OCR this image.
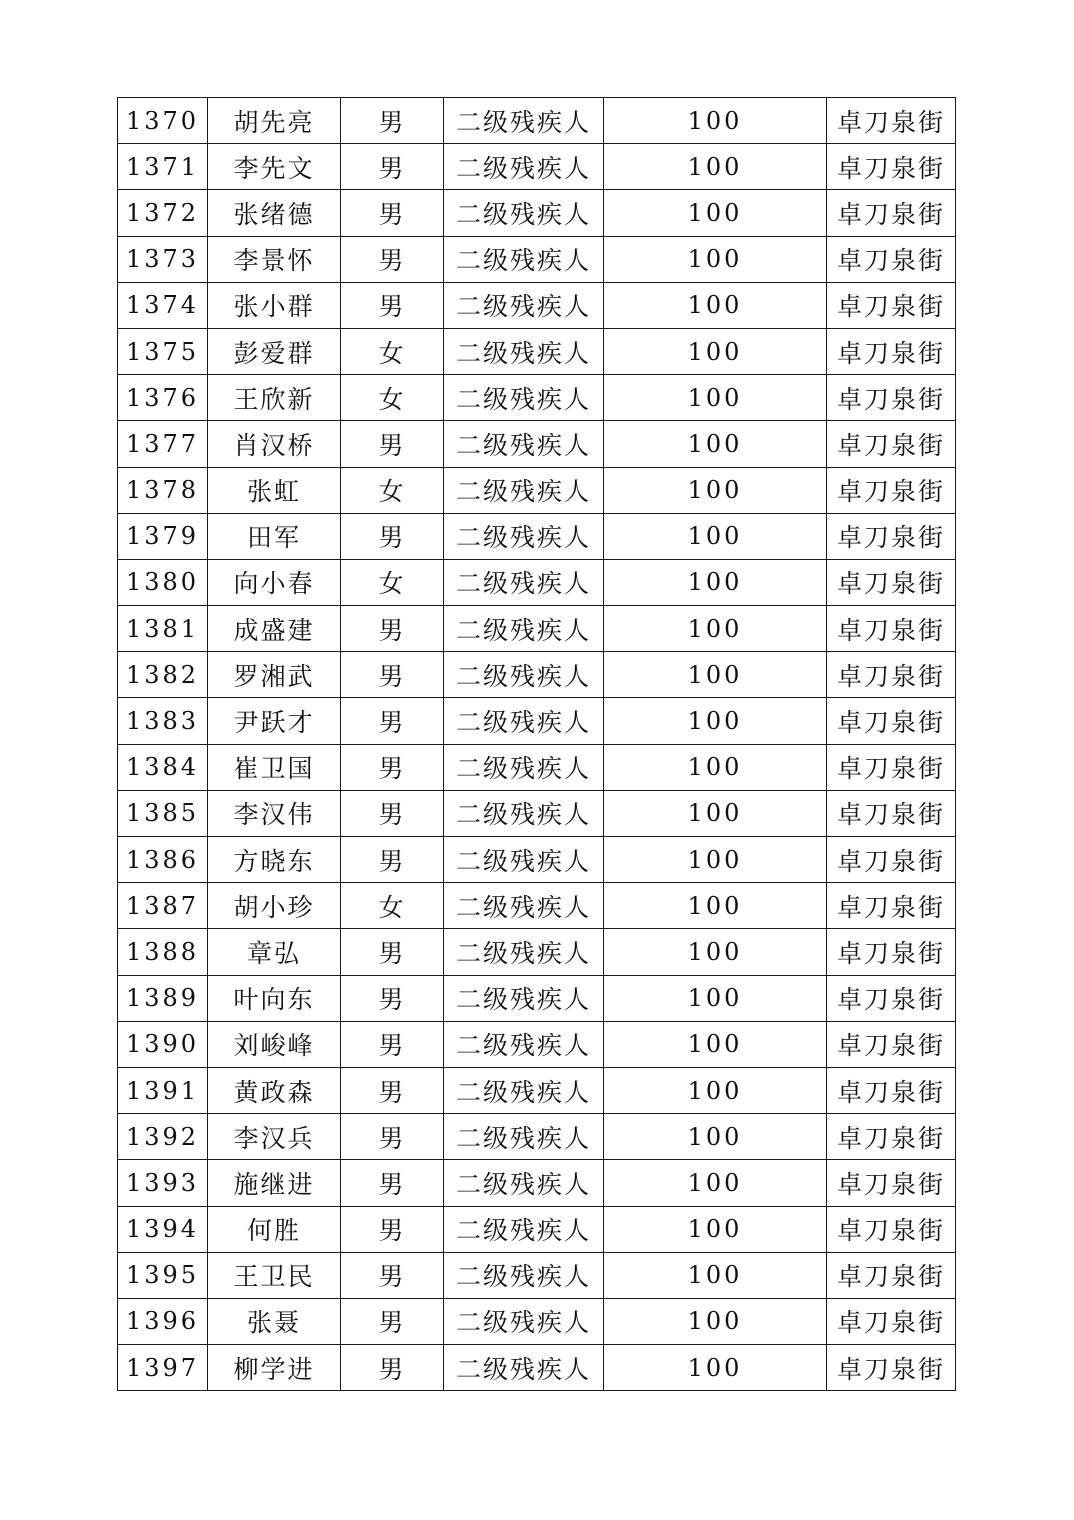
1370	胡先亮	男	二级残疾人	100	卓刀泉街
1371	李先文	男	二级残疾人	100	卓刀泉街
1372	张绪德	男	二级残疾人	100	卓刀泉街
1373	李景怀	男	二级残疾人	100	卓刀泉街
1374	张小群	男	二级残疾人	100	卓刀泉街
1375	彭爱群	女	二级残疾人	100	卓刀泉街
1376	王欣新	女	二级残疾人	100	卓刀泉街
1377	肖汉桥	男	二级残疾人	100	卓刀泉街
1378	张虹	女	二级残疾人	100	卓刀泉街
1379	田军	男	二级残疾人	100	卓刀泉街
1380	向小春	女	二级残疾人	100	卓刀泉街
1381	成盛建	男	二级残疾人	100	卓刀泉街
1382	罗湘武	男	二级残疾人	100	卓刀泉街
1383	尹跃才	男	二级残疾人	100	卓刀泉街
1384	崔卫国	男	二级残疾人	100	卓刀泉街
1385	李汉伟	男	二级残疾人	100	卓刀泉街
1386	方晓东	男	二级残疾人	100	卓刀泉街
1387	胡小珍	女	二级残疾人	100	卓刀泉街
1388	章弘	男	二级残疾人	100	卓刀泉街
1389	叶向东	男	二级残疾人	100	卓刀泉街
1390	刘峻峰	男	二级残疾人	100	卓刀泉街
1391	黄政森	男	二级残疾人	100	卓刀泉街
1392	李汉兵	男	二级残疾人	100	卓刀泉街
1393	施继进	男	二级残疾人	100	卓刀泉街
1394	何胜	男	二级残疾人	100	卓刀泉街
1395	王卫民	男	二级残疾人	100	卓刀泉街
1396	张聂	男	二级残疾人	100	卓刀泉街
1397	柳学进	男	二级残疾人	100	卓刀泉街
